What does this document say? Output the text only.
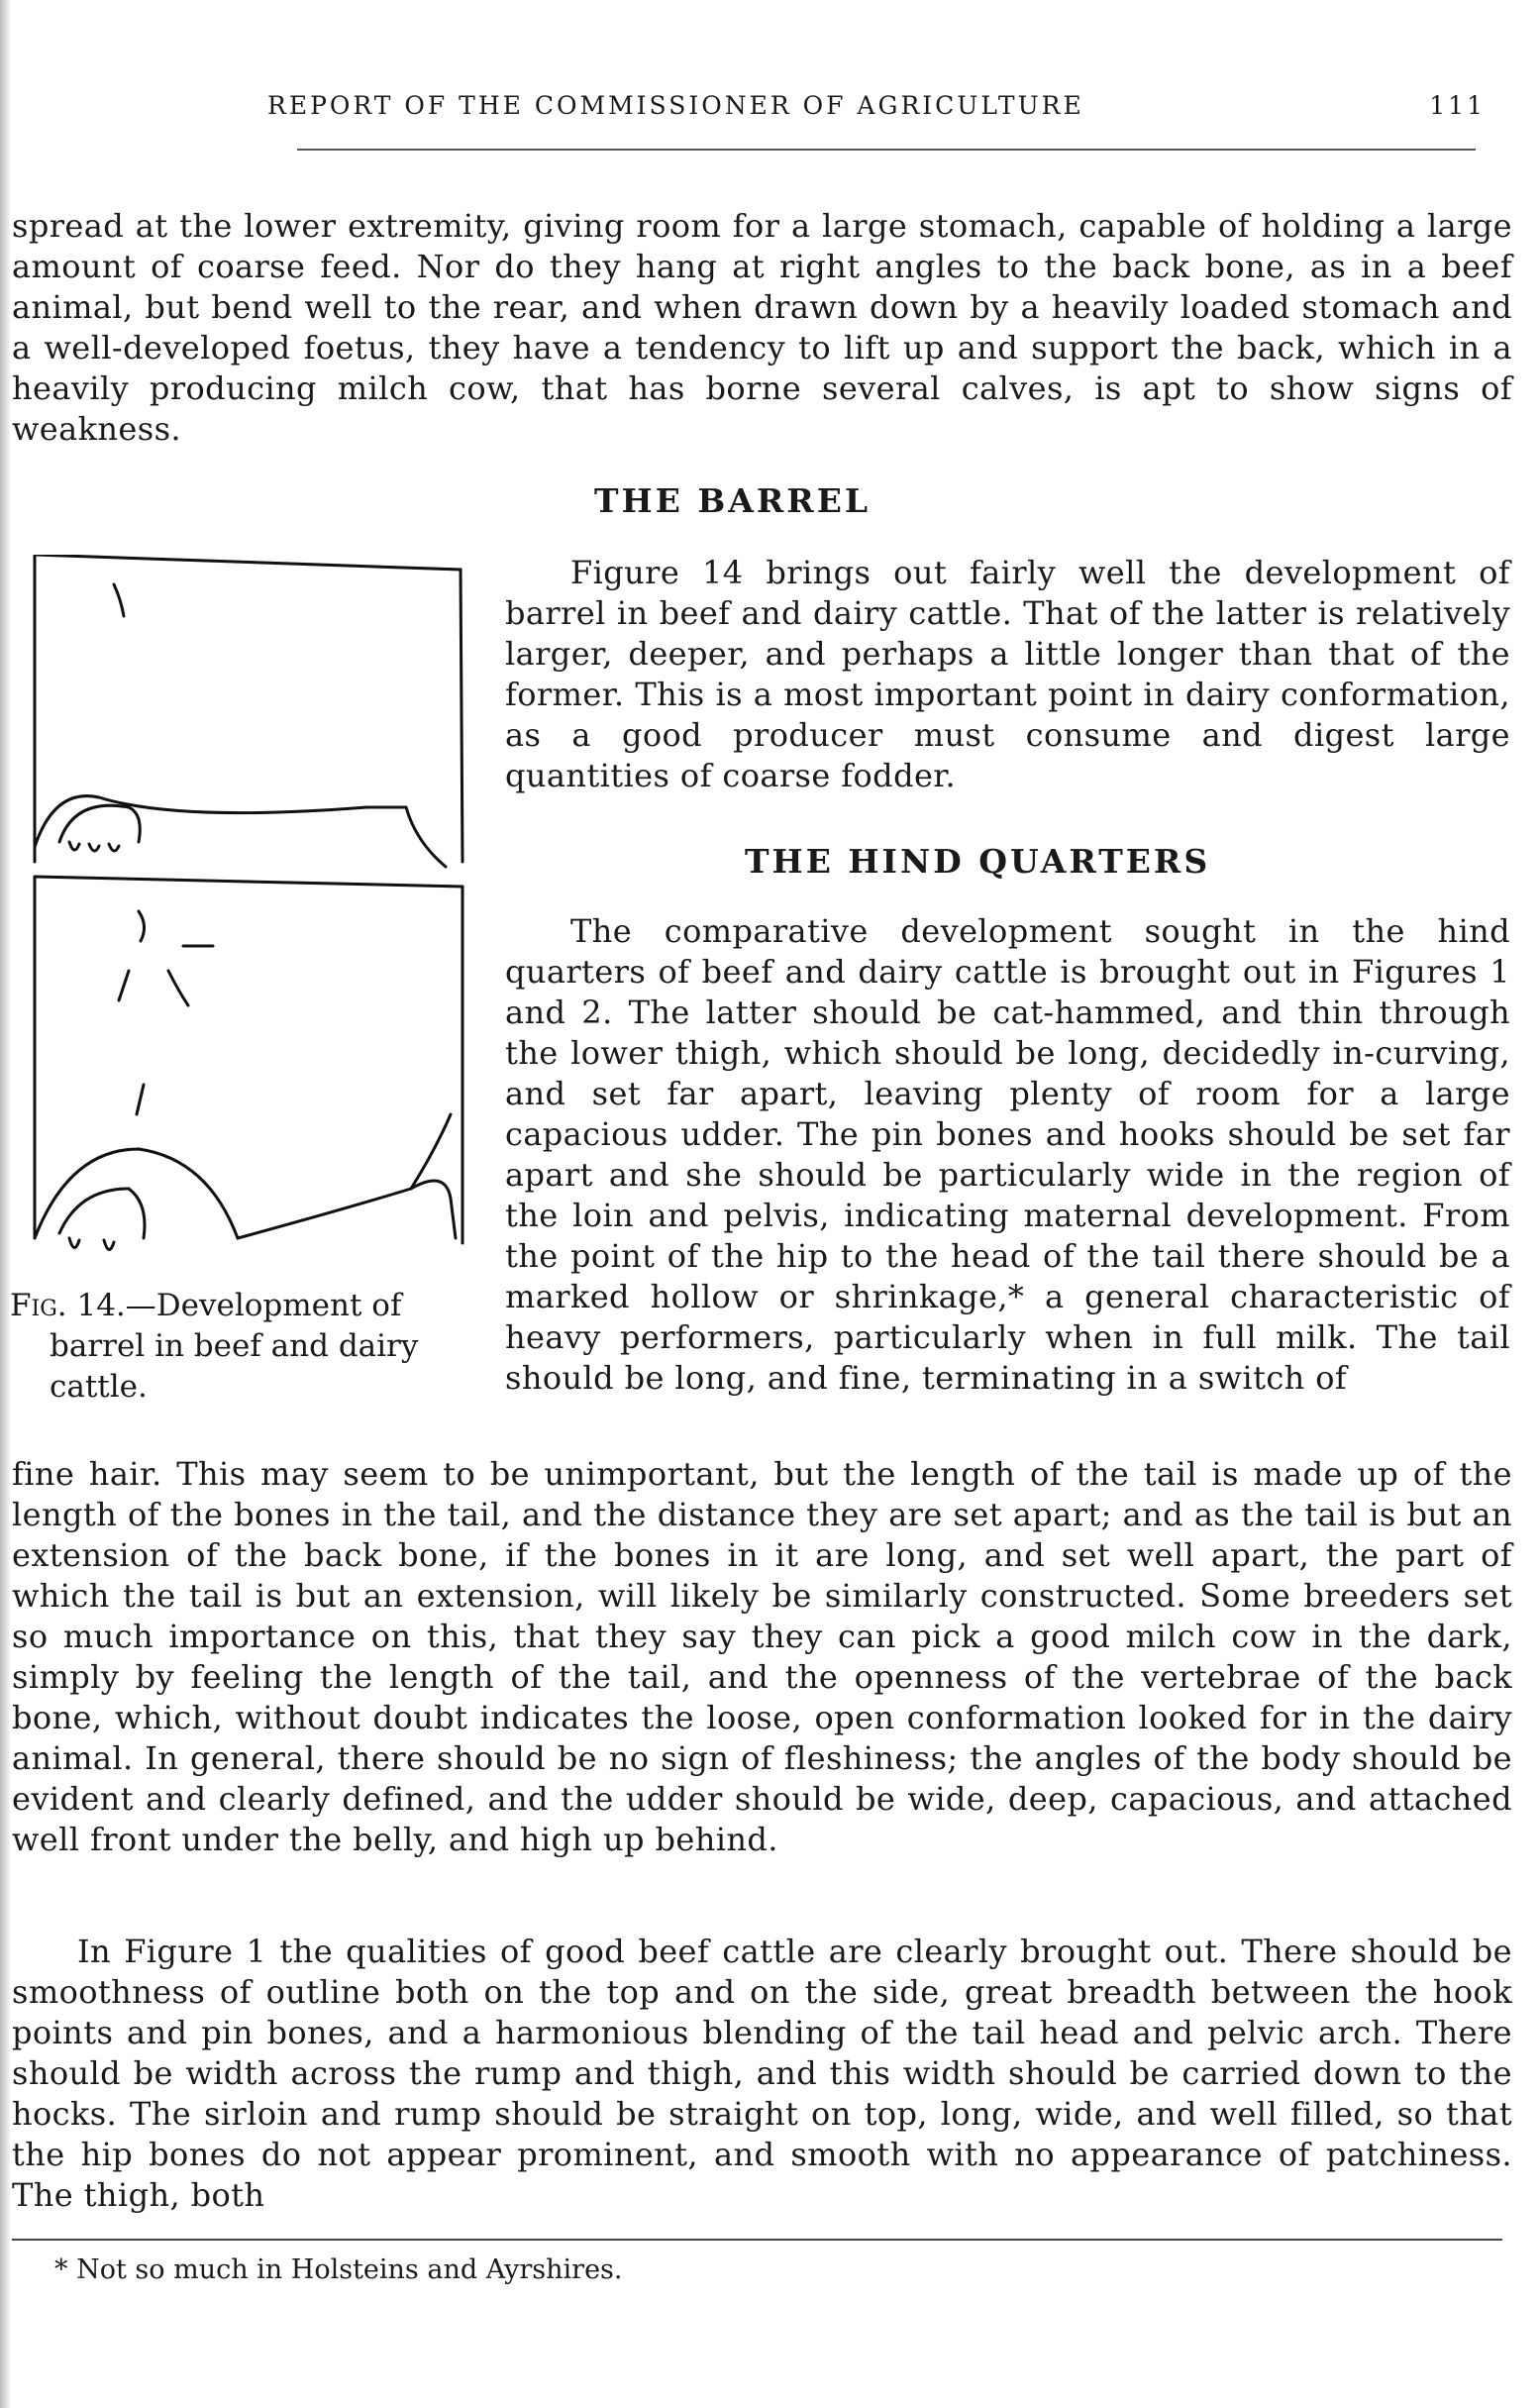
REPORT OF THE COMMISSIONER OF AGRICULTURE	111

spread at the lower extremity, giving room for a large stomach, capable of holding a large amount of coarse feed. Nor do they hang at right angles to the back bone, as in a beef animal, but bend well to the rear, and when drawn down by a heavily loaded stomach and a well-developed foetus, they have a tendency to lift up and support the back, which in a heavily producing milch cow, that has borne several calves, is apt to show signs of weakness.

THE BARREL

Figure 14 brings out fairly well the development of barrel in beef and dairy cattle. That of the latter is relatively larger, deeper, and perhaps a little longer than that of the former. This is a most important point in dairy conformation, as a good producer must consume and digest large quantities of coarse fodder.

Fig. 14.—Development of
barrel in beef and dairy cattle.
THE HIND QUARTERS

The comparative development sought in the hind quarters of beef and dairy cattle is brought out in Figures 1 and 2. The latter should be cat-hammed, and thin through the lower thigh, which should be long, decidedly in-curving, and set far apart, leaving plenty of room for a large capacious udder. The pin bones and hooks should be set far apart and she should be particularly wide in the region of the loin and pelvis, indicating maternal development. From the point of the hip to the head of the tail there should be a marked hollow or shrinkage,* a general characteristic of heavy performers, particularly when in full milk. The tail should be long, and fine, terminating in a switch of

fine hair. This may seem to be unimportant, but the length of the tail is made up of the length of the bones in the tail, and the distance they are set apart; and as the tail is but an extension of the back bone, if the bones in it are long, and set well apart, the part of which the tail is but an extension, will likely be similarly constructed. Some breeders set so much importance on this, that they say they can pick a good milch cow in the dark, simply by feeling the length of the tail, and the openness of the vertebrae of the back bone, which, without doubt indicates the loose, open conformation looked for in the dairy animal. In general, there should be no sign of fleshiness; the angles of the body should be evident and clearly defined, and the udder should be wide, deep, capacious, and attached well front under the belly, and high up behind.

In Figure 1 the qualities of good beef cattle are clearly brought out. There should be smoothness of outline both on the top and on the side, great breadth between the hook points and pin bones, and a harmonious blending of the tail head and pelvic arch. There should be width across the rump and thigh, and this width should be carried down to the hocks. The sirloin and rump should be straight on top, long, wide, and well filled, so that the hip bones do not appear prominent, and smooth with no appearance of patchiness. The thigh, both

* Not so much in Holsteins and Ayrshires.
